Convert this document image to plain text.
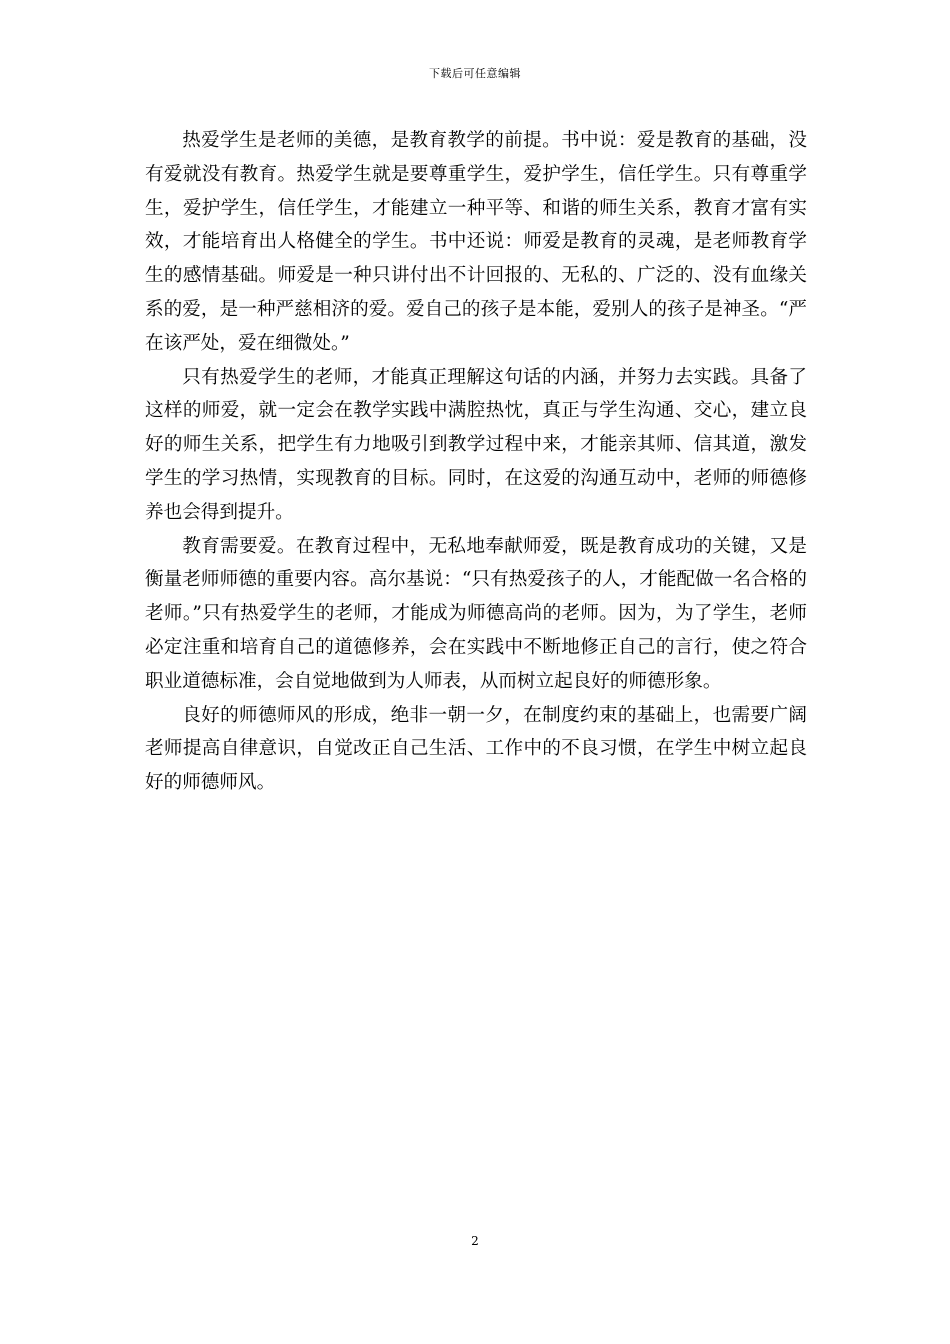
下载后可任意编辑

热爱学生是老师的美德，是教育教学的前提。书中说：爱是教育的基础，没有爱就没有教育。热爱学生就是要尊重学生，爱护学生，信任学生。只有尊重学生，爱护学生，信任学生，才能建立一种平等、和谐的师生关系，教育才富有实效，才能培育出人格健全的学生。书中还说：师爱是教育的灵魂，是老师教育学生的感情基础。师爱是一种只讲付出不计回报的、无私的、广泛的、没有血缘关系的爱，是一种严慈相济的爱。爱自己的孩子是本能，爱别人的孩子是神圣。“严在该严处，爱在细微处。”

只有热爱学生的老师，才能真正理解这句话的内涵，并努力去实践。具备了这样的师爱，就一定会在教学实践中满腔热忱，真正与学生沟通、交心，建立良好的师生关系，把学生有力地吸引到教学过程中来，才能亲其师、信其道，激发学生的学习热情，实现教育的目标。同时，在这爱的沟通互动中，老师的师德修养也会得到提升。

教育需要爱。在教育过程中，无私地奉献师爱，既是教育成功的关键，又是衡量老师师德的重要内容。高尔基说：“只有热爱孩子的人，才能配做一名合格的老师。”只有热爱学生的老师，才能成为师德高尚的老师。因为，为了学生，老师必定注重和培育自己的道德修养，会在实践中不断地修正自己的言行，使之符合职业道德标准，会自觉地做到为人师表，从而树立起良好的师德形象。

良好的师德师风的形成，绝非一朝一夕，在制度约束的基础上，也需要广阔老师提高自律意识，自觉改正自己生活、工作中的不良习惯，在学生中树立起良好的师德师风。

2
